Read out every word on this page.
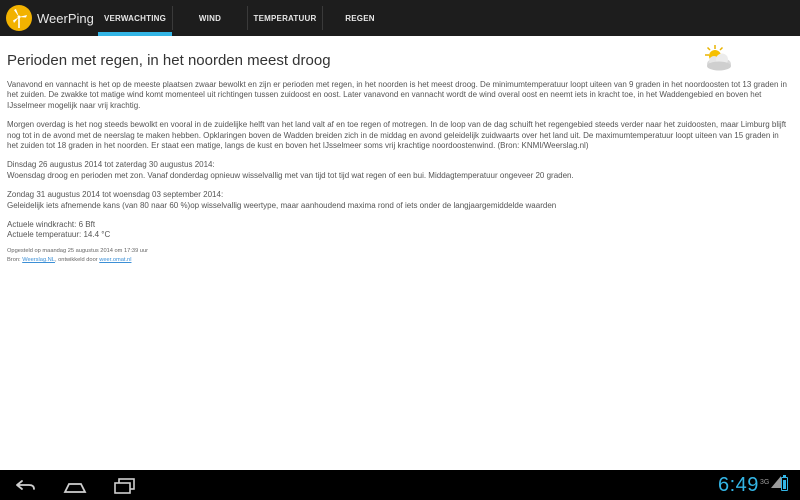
WeerPing	VERWACHTING	WIND	TEMPERATUUR	REGEN
Perioden met regen, in het noorden meest droog

Vanavond en vannacht is het op de meeste plaatsen zwaar bewolkt en zijn er perioden met regen, in het noorden is het meest droog. De minimumtemperatuur loopt uiteen van 9 graden in het noordoosten tot 13 graden in het zuiden. De zwakke tot matige wind komt momenteel uit richtingen tussen zuidoost en oost. Later vanavond en vannacht wordt de wind overal oost en neemt iets in kracht toe, in het Waddengebied en boven het IJsselmeer mogelijk naar vrij krachtig.

Morgen overdag is het nog steeds bewolkt en vooral in de zuidelijke helft van het land valt af en toe regen of motregen. In de loop van de dag schuift het regengebied steeds verder naar het zuidoosten, maar Limburg blijft nog tot in de avond met de neerslag te maken hebben. Opklaringen boven de Wadden breiden zich in de middag en avond geleidelijk zuidwaarts over het land uit. De maximumtemperatuur loopt uiteen van 15 graden in het zuiden tot 18 graden in het noorden. Er staat een matige, langs de kust en boven het IJsselmeer soms vrij krachtige noordoostenwind. (Bron: KNMI/Weerslag.nl)

Dinsdag 26 augustus 2014 tot zaterdag 30 augustus 2014:
Woensdag droog en perioden met zon. Vanaf donderdag opnieuw wisselvallig met van tijd tot tijd wat regen of een bui. Middagtemperatuur ongeveer 20 graden.

Zondag 31 augustus 2014 tot woensdag 03 september 2014:
Geleidelijk iets afnemende kans (van 80 naar 60 %)op wisselvallig weertype, maar aanhoudend maxima rond of iets onder de langjaargemiddelde waarden

Actuele windkracht: 6 Bft
Actuele temperatuur: 14.4 °C

Opgesteld op maandag 25 augustus 2014 om 17:39 uur
Bron: Weerslag.NL, ontwikkeld door weer.omat.nl
6:49 3G
